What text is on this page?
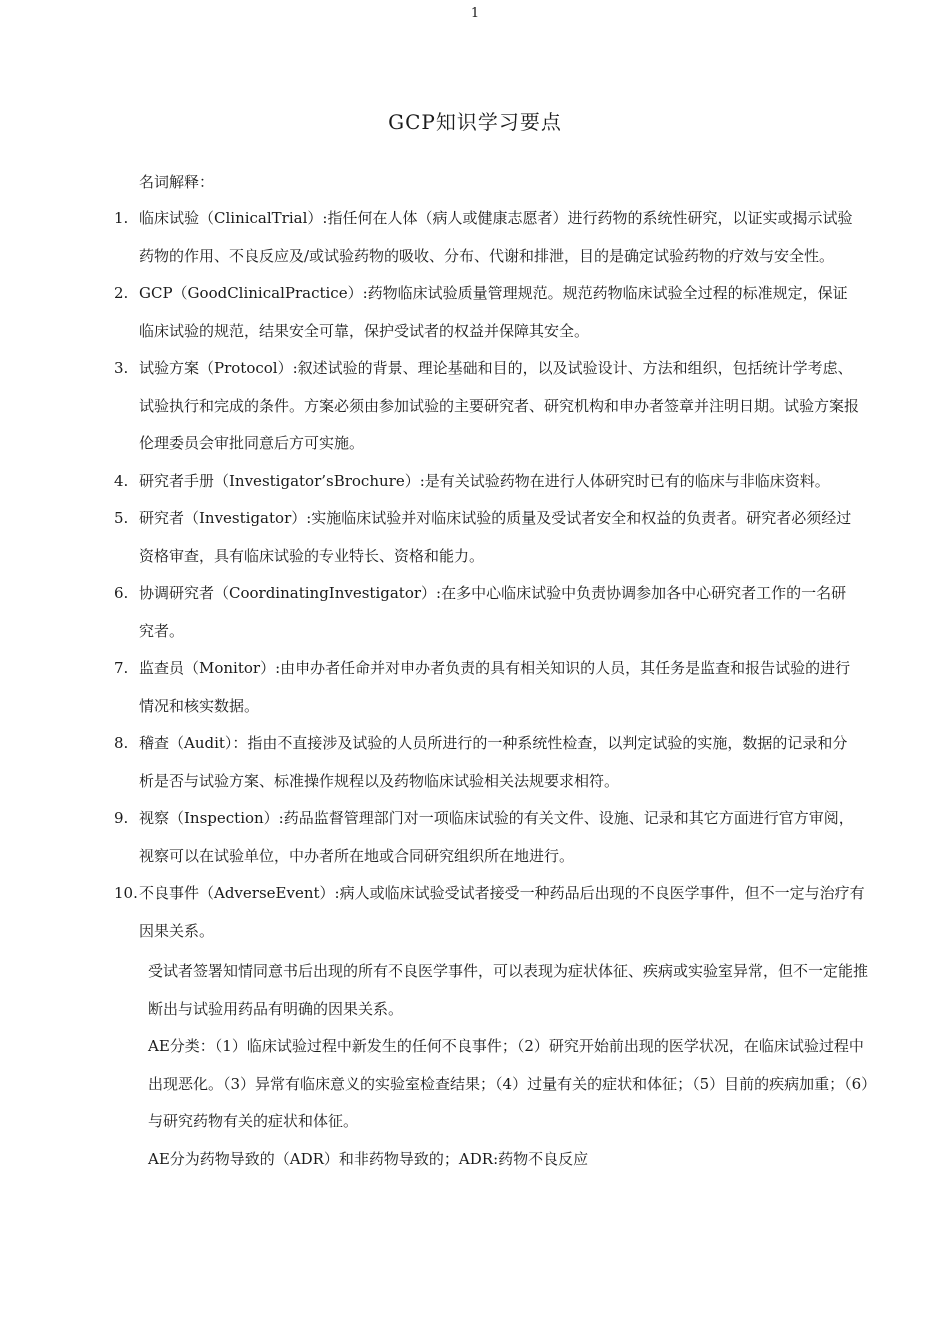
1
GCP知识学习要点
名词解释：
1. 临床试验（ClinicalTrial）:指任何在人体（病人或健康志愿者）进行药物的系统性研究，以证实或揭示试验药物的作用、不良反应及/或试验药物的吸收、分布、代谢和排泄，目的是确定试验药物的疗效与安全性。
2. GCP（GoodClinicalPractice）:药物临床试验质量管理规范。规范药物临床试验全过程的标准规定，保证临床试验的规范，结果安全可靠，保护受试者的权益并保障其安全。
3. 试验方案（Protocol）:叙述试验的背景、理论基础和目的，以及试验设计、方法和组织，包括统计学考虑、试验执行和完成的条件。方案必须由参加试验的主要研究者、研究机构和申办者签章并注明日期。试验方案报伦理委员会审批同意后方可实施。
4. 研究者手册（Investigator’sBrochure）:是有关试验药物在进行人体研究时已有的临床与非临床资料。
5. 研究者（Investigator）:实施临床试验并对临床试验的质量及受试者安全和权益的负责者。研究者必须经过资格审查，具有临床试验的专业特长、资格和能力。
6. 协调研究者（CoordinatingInvestigator）:在多中心临床试验中负责协调参加各中心研究者工作的一名研究者。
7. 监查员（Monitor）:由申办者任命并对申办者负责的具有相关知识的人员，其任务是监查和报告试验的进行情况和核实数据。
8. 稽查（Audit）：指由不直接涉及试验的人员所进行的一种系统性检查，以判定试验的实施，数据的记录和分析是否与试验方案、标准操作规程以及药物临床试验相关法规要求相符。
9. 视察（Inspection）:药品监督管理部门对一项临床试验的有关文件、设施、记录和其它方面进行官方审阅，视察可以在试验单位，中办者所在地或合同研究组织所在地进行。
10. 不良事件（AdverseEvent）:病人或临床试验受试者接受一种药品后出现的不良医学事件，但不一定与治疗有因果关系。
受试者签署知情同意书后出现的所有不良医学事件，可以表现为症状体征、疾病或实验室异常，但不一定能推断出与试验用药品有明确的因果关系。
AE分类：（1）临床试验过程中新发生的任何不良事件；（2）研究开始前出现的医学状况，在临床试验过程中出现恶化。（3）异常有临床意义的实验室检查结果；（4）过量有关的症状和体征；（5）目前的疾病加重；（6）与研究药物有关的症状和体征。
AE分为药物导致的（ADR）和非药物导致的；ADR:药物不良反应
